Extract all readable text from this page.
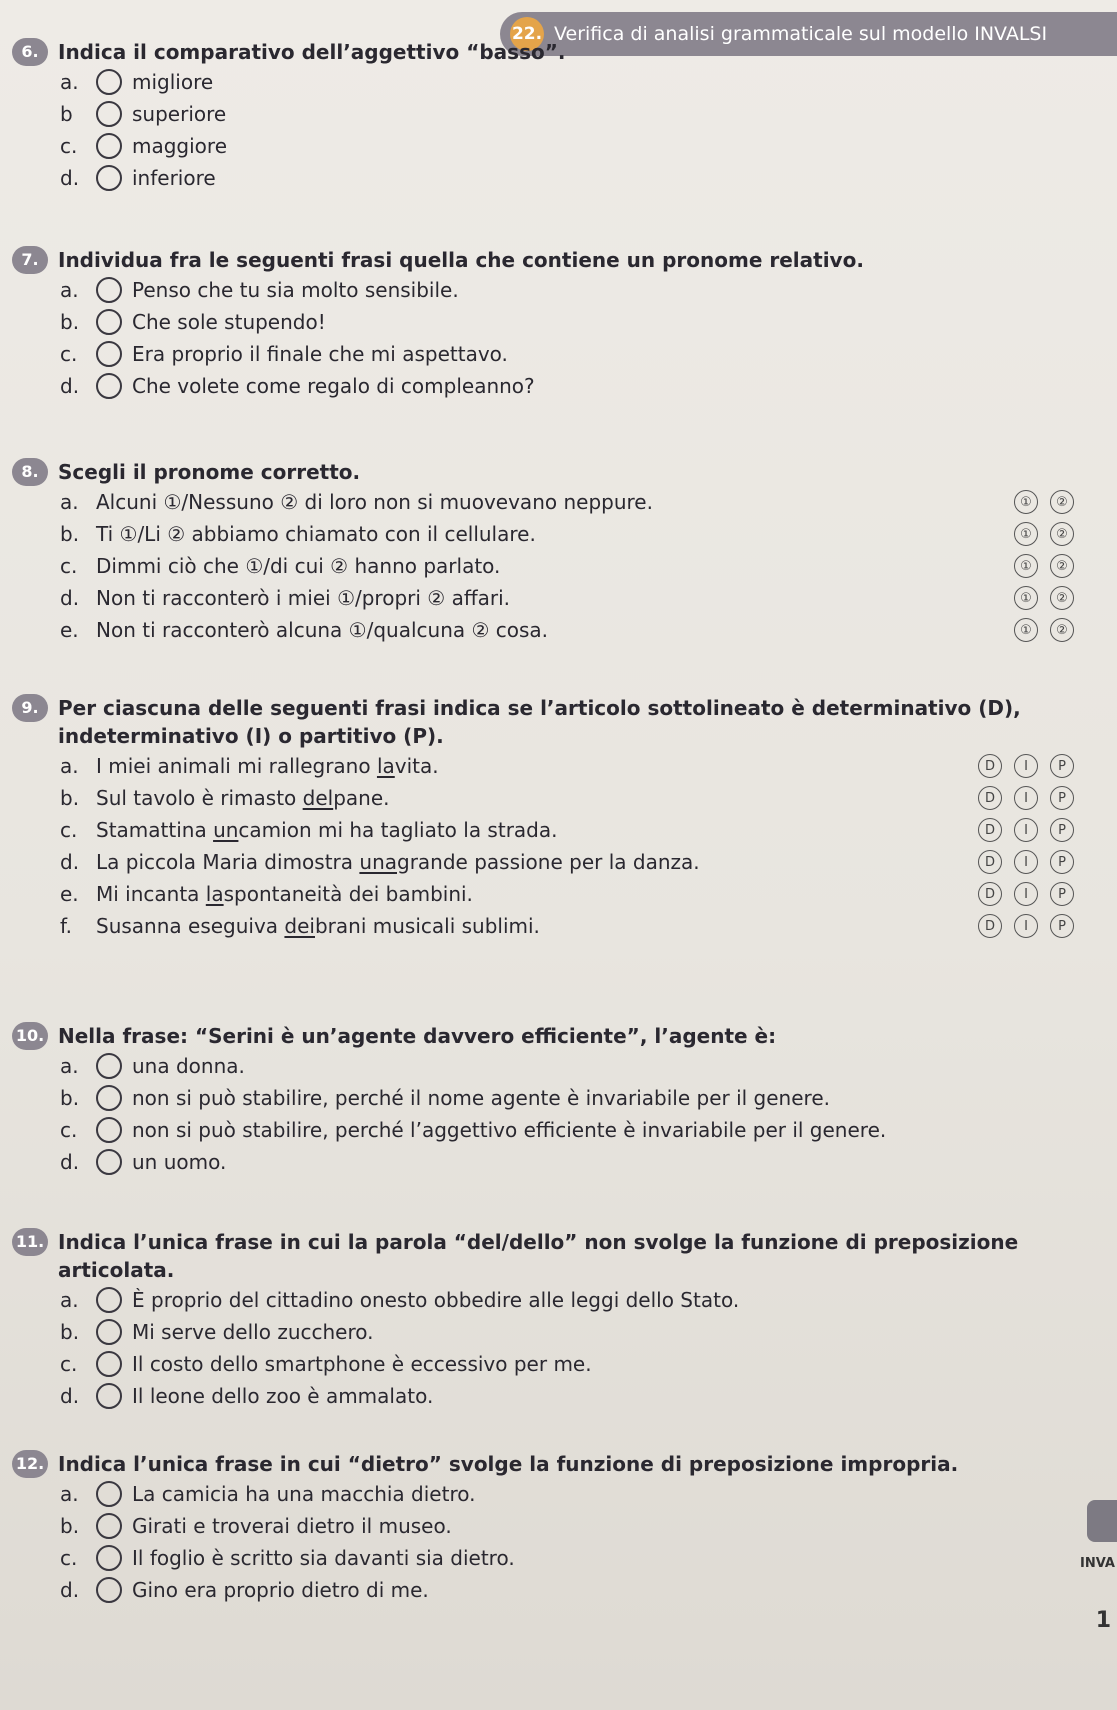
22. Verifica di analisi grammaticale sul modello INVALSI
6. Indica il comparativo dell’aggettivo “basso”.
a.	migliore
b	superiore
c.	maggiore
d.	inferiore
7. Individua fra le seguenti frasi quella che contiene un pronome relativo.
a.	Penso che tu sia molto sensibile.
b.	Che sole stupendo!
c.	Era proprio il finale che mi aspettavo.
d.	Che volete come regalo di compleanno?
8. Scegli il pronome corretto.
a. Alcuni ①/Nessuno ② di loro non si muovevano neppure.	①	②
b. Ti ①/Li ② abbiamo chiamato con il cellulare.	①	②
c. Dimmi ciò che ①/di cui ② hanno parlato.	①	②
d. Non ti racconterò i miei ①/propri ② affari.	①	②
e. Non ti racconterò alcuna ①/qualcuna ② cosa.	①	②
9. Per ciascuna delle seguenti frasi indica se l’articolo sottolineato è determinativo (D), indeterminativo (I) o partitivo (P).
a. I miei animali mi rallegrano
la vita.	D	I	P
b. Sul tavolo è rimasto
del pane.	D	I	P
c. Stamattina
un camion mi ha tagliato la strada.	D	I	P
d. La piccola Maria dimostra
una grande passione per la danza.	D	I	P
e. Mi incanta
la spontaneità dei bambini.	D	I	P
f.	Susanna eseguiva
dei brani musicali sublimi.	D	I	P
10. Nella frase: “Serini è un’agente davvero efficiente”, l’agente è:
a.	una donna.
b.	non si può stabilire, perché il nome agente è invariabile per il genere.
c.	non si può stabilire, perché l’aggettivo efficiente è invariabile per il genere.
d.	un uomo.
11. Indica l’unica frase in cui la parola “del/dello” non svolge la funzione di preposizione articolata.
a.	È proprio del cittadino onesto obbedire alle leggi dello Stato.
b.	Mi serve dello zucchero.
c.	Il costo dello smartphone è eccessivo per me.
d.	Il leone dello zoo è ammalato.
12. Indica l’unica frase in cui “dietro” svolge la funzione di preposizione impropria.
a.	La camicia ha una macchia dietro.
b.	Girati e troverai dietro il museo.
c.	Il foglio è scritto sia davanti sia dietro.
d.	Gino era proprio dietro di me.
INVA
1
